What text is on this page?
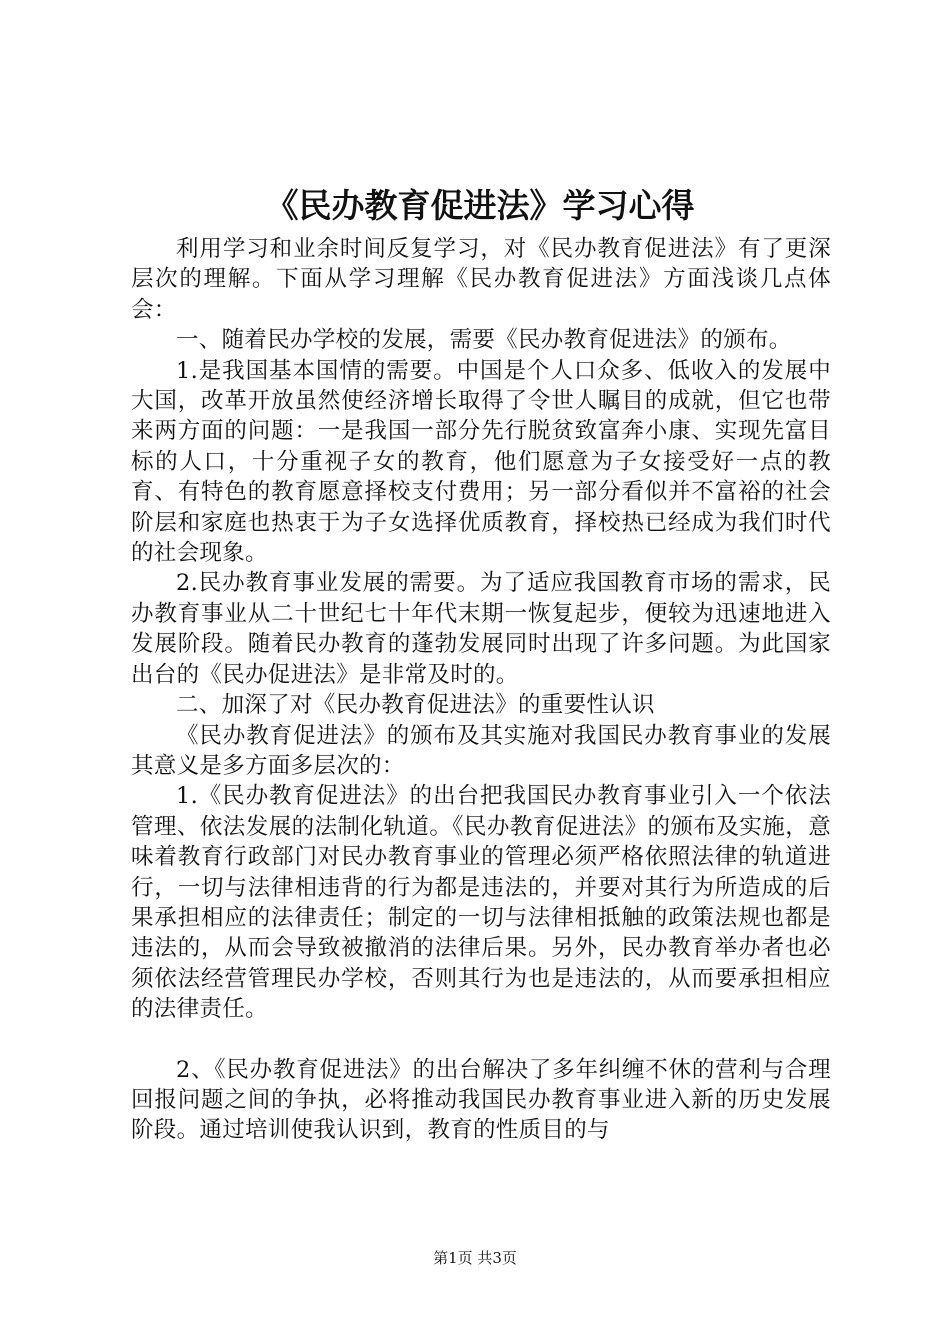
《民办教育促进法》学习心得

利用学习和业余时间反复学习，对《民办教育促进法》有了更深层次的理解。下面从学习理解《民办教育促进法》方面浅谈几点体会：

一、随着民办学校的发展，需要《民办教育促进法》的颁布。

1.是我国基本国情的需要。中国是个人口众多、低收入的发展中大国，改革开放虽然使经济增长取得了令世人瞩目的成就，但它也带来两方面的问题：一是我国一部分先行脱贫致富奔小康、实现先富目标的人口，十分重视子女的教育，他们愿意为子女接受好一点的教育、有特色的教育愿意择校支付费用；另一部分看似并不富裕的社会阶层和家庭也热衷于为子女选择优质教育，择校热已经成为我们时代的社会现象。

2.民办教育事业发展的需要。为了适应我国教育市场的需求，民办教育事业从二十世纪七十年代末期一恢复起步，便较为迅速地进入发展阶段。随着民办教育的蓬勃发展同时出现了许多问题。为此国家出台的《民办促进法》是非常及时的。

二、加深了对《民办教育促进法》的重要性认识

《民办教育促进法》的颁布及其实施对我国民办教育事业的发展其意义是多方面多层次的：

1.《民办教育促进法》的出台把我国民办教育事业引入一个依法管理、依法发展的法制化轨道。《民办教育促进法》的颁布及实施，意味着教育行政部门对民办教育事业的管理必须严格依照法律的轨道进行，一切与法律相违背的行为都是违法的，并要对其行为所造成的后果承担相应的法律责任；制定的一切与法律相抵触的政策法规也都是违法的，从而会导致被撤消的法律后果。另外，民办教育举办者也必须依法经营管理民办学校，否则其行为也是违法的，从而要承担相应的法律责任。

2、《民办教育促进法》的出台解决了多年纠缠不休的营利与合理回报问题之间的争执，必将推动我国民办教育事业进入新的历史发展阶段。通过培训使我认识到，教育的性质目的与

第1页 共3页
